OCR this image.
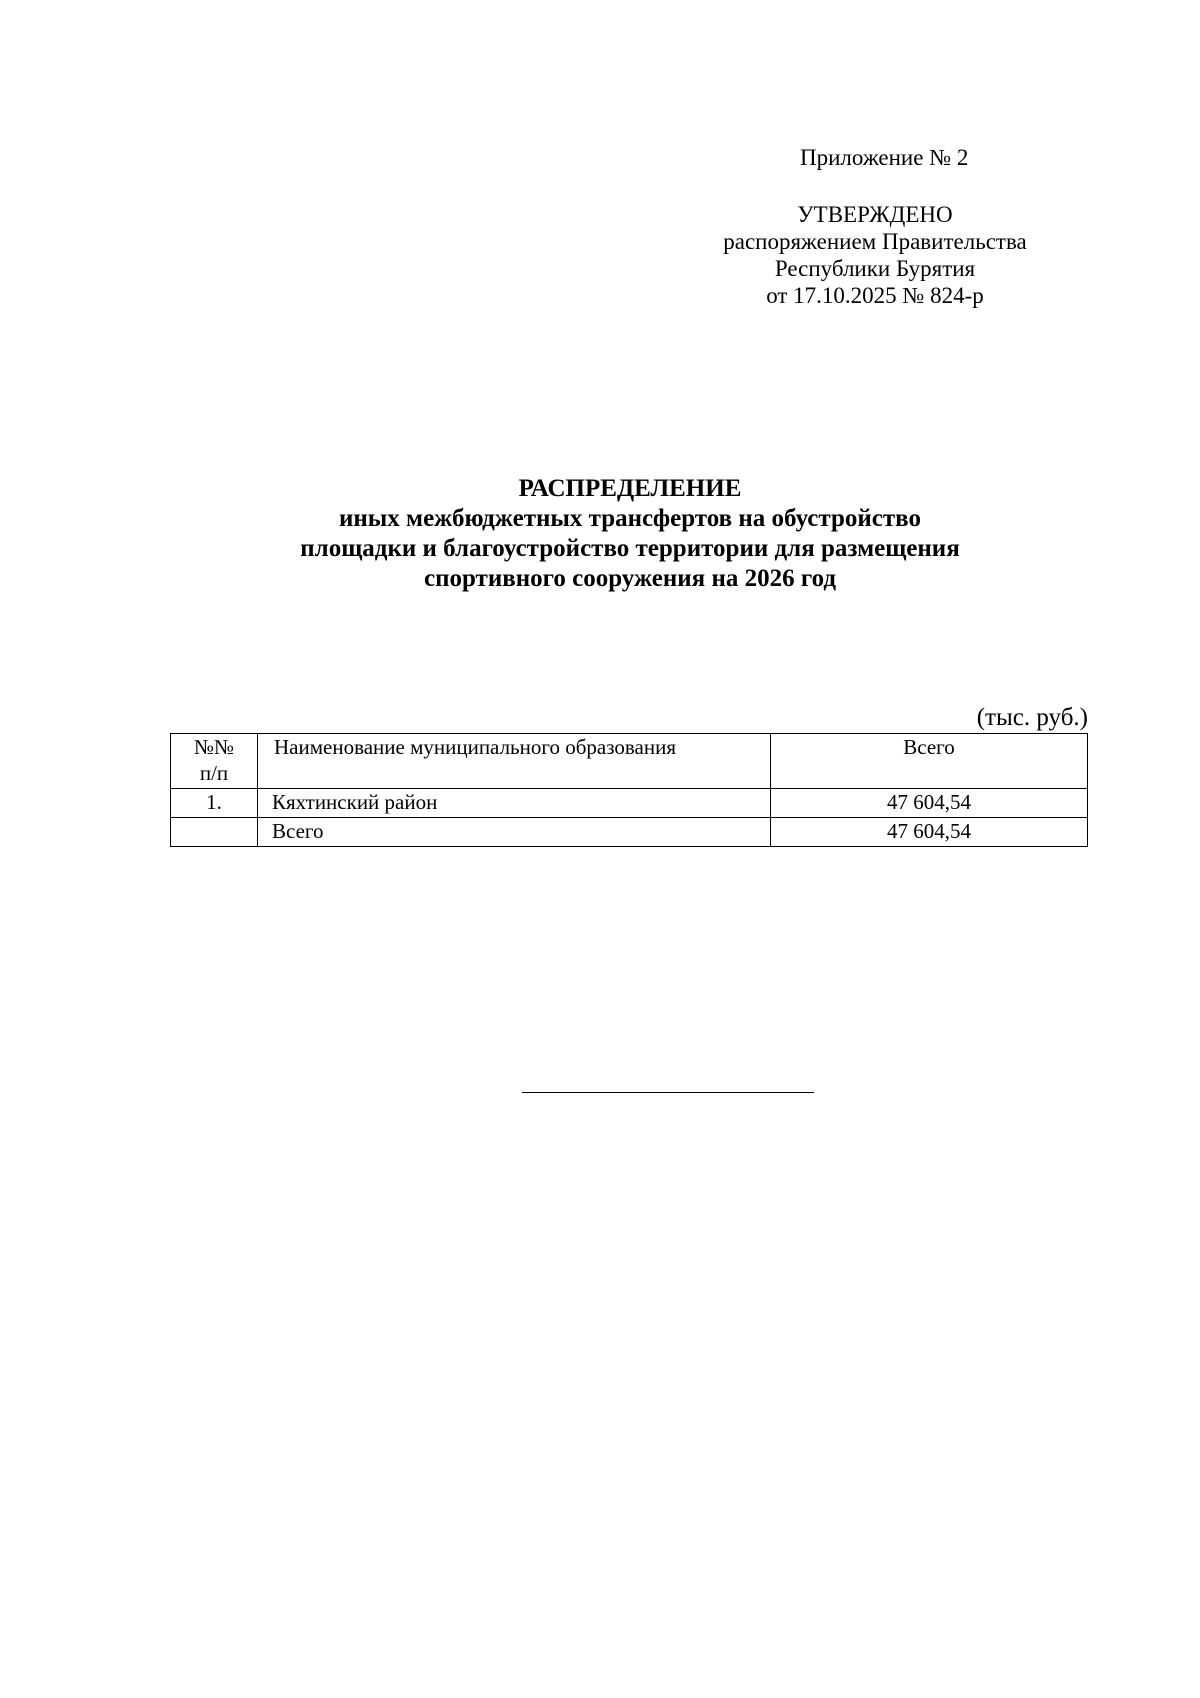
Приложение № 2
УТВЕРЖДЕНО
распоряжением Правительства
Республики Бурятия
от 17.10.2025 № 824-р
РАСПРЕДЕЛЕНИЕ
иных межбюджетных трансфертов на обустройство
площадки и благоустройство территории для размещения
спортивного сооружения на 2026 год
(тыс. руб.)
№№
п/п	Наименование муниципального образования	Всего
1.	Кяхтинский район	47 604,54
	Всего	47 604,54
